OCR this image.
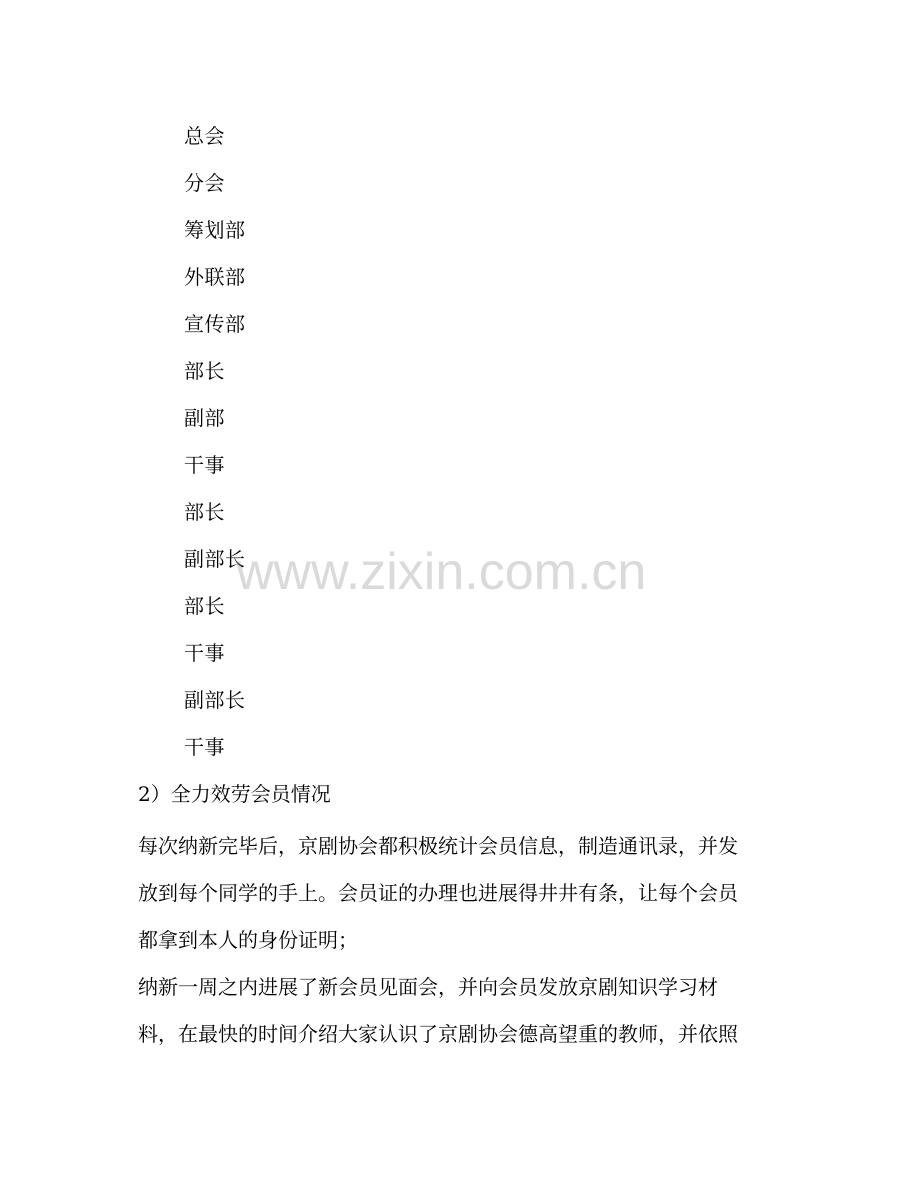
总会
分会
筹划部
外联部
宣传部
部长
副部
干事
部长
副部长
部长
干事
副部长
干事
2）全力效劳会员情况
每次纳新完毕后，京剧协会都积极统计会员信息，制造通讯录，并发
放到每个同学的手上。会员证的办理也进展得井井有条，让每个会员
都拿到本人的身份证明；
纳新一周之内进展了新会员见面会，并向会员发放京剧知识学习材
料，在最快的时间介绍大家认识了京剧协会德高望重的教师，并依照
www.zixin.com.cn
